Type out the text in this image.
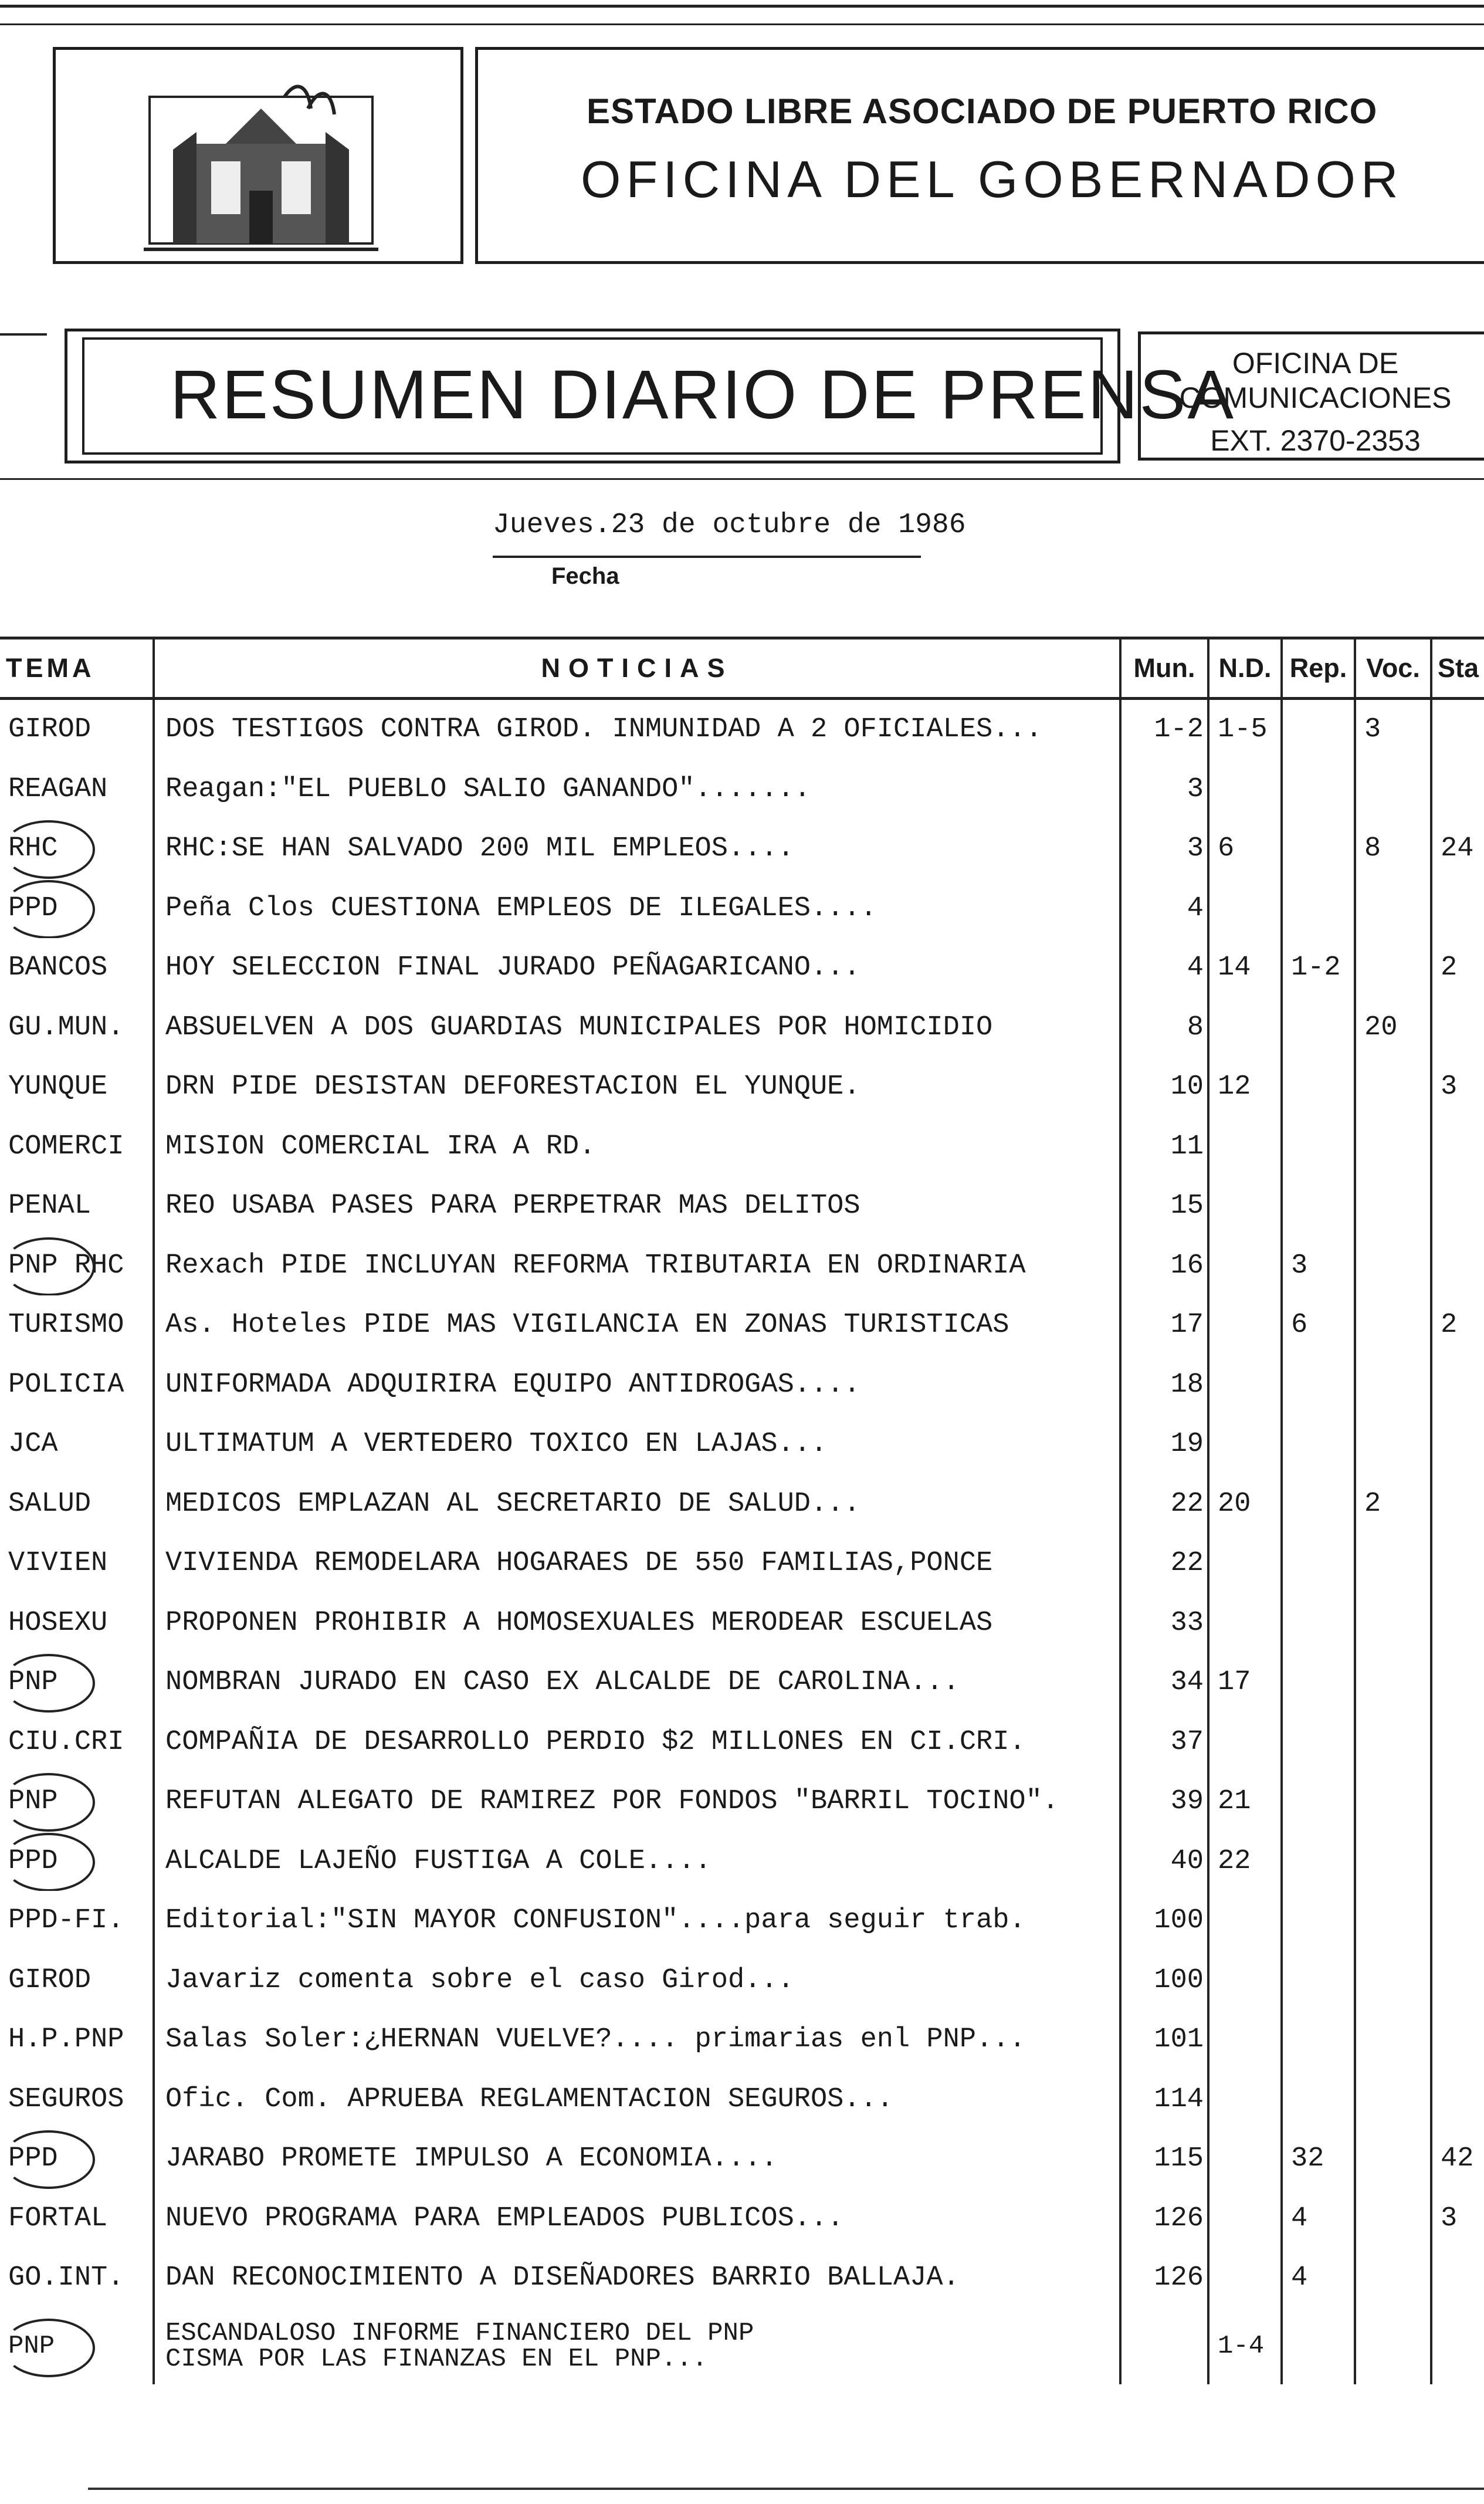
ESTADO LIBRE ASOCIADO DE PUERTO RICO
OFICINA DEL GOBERNADOR
RESUMEN DIARIO DE PRENSA
OFICINA DE
COMUNICACIONES
EXT. 2370-2353
Jueves.23 de octubre de 1986
Fecha
TEMA	NOTICIAS	Mun.	N.D.	Rep.	Voc.	Sta
GIROD	DOS TESTIGOS CONTRA GIROD. INMUNIDAD A 2 OFICIALES...	1-2	1-5		3	
REAGAN	Reagan:"EL PUEBLO SALIO GANANDO".......	3				
RHC	RHC:SE HAN SALVADO 200 MIL EMPLEOS....	3	6		8	24
PPD	Peña Clos CUESTIONA EMPLEOS DE ILEGALES....	4				
BANCOS	HOY SELECCION FINAL JURADO PEÑAGARICANO...	4	14	1-2		2
GU.MUN.	ABSUELVEN A DOS GUARDIAS MUNICIPALES POR HOMICIDIO	8			20	
YUNQUE	DRN PIDE DESISTAN DEFORESTACION EL YUNQUE.	10	12			3
COMERCI	MISION COMERCIAL IRA A RD.	11				
PENAL	REO USABA PASES PARA PERPETRAR MAS DELITOS	15				
PNP RHC	Rexach PIDE INCLUYAN REFORMA TRIBUTARIA EN ORDINARIA	16		3		
TURISMO	As. Hoteles PIDE MAS VIGILANCIA EN ZONAS TURISTICAS	17		6		2
POLICIA	UNIFORMADA ADQUIRIRA EQUIPO ANTIDROGAS....	18				
JCA	ULTIMATUM A VERTEDERO TOXICO EN LAJAS...	19				
SALUD	MEDICOS EMPLAZAN AL SECRETARIO DE SALUD...	22	20		2	
VIVIEN	VIVIENDA REMODELARA HOGARAES DE 550 FAMILIAS,PONCE	22				
HOSEXU	PROPONEN PROHIBIR A HOMOSEXUALES MERODEAR ESCUELAS	33				
PNP	NOMBRAN JURADO EN CASO EX ALCALDE DE CAROLINA...	34	17			
CIU.CRI	COMPAÑIA DE DESARROLLO PERDIO $2 MILLONES EN CI.CRI.	37				
PNP	REFUTAN ALEGATO DE RAMIREZ POR FONDOS "BARRIL TOCINO".	39	21			
PPD	ALCALDE LAJEÑO FUSTIGA A COLE....	40	22			
PPD-FI.	Editorial:"SIN MAYOR CONFUSION"....para seguir trab.	100				
GIROD	Javariz comenta sobre el caso Girod...	100				
H.P.PNP	Salas Soler:¿HERNAN VUELVE?.... primarias enl PNP...	101				
SEGUROS	Ofic. Com. APRUEBA REGLAMENTACION SEGUROS...	114				
PPD	JARABO PROMETE IMPULSO A ECONOMIA....	115		32		42
FORTAL	NUEVO PROGRAMA PARA EMPLEADOS PUBLICOS...	126		4		3
GO.INT.	DAN RECONOCIMIENTO A DISEÑADORES BARRIO BALLAJA.	126		4		
PNP	ESCANDALOSO INFORME FINANCIERO DEL PNP
CISMA POR LAS FINANZAS EN EL PNP...		1-4			
